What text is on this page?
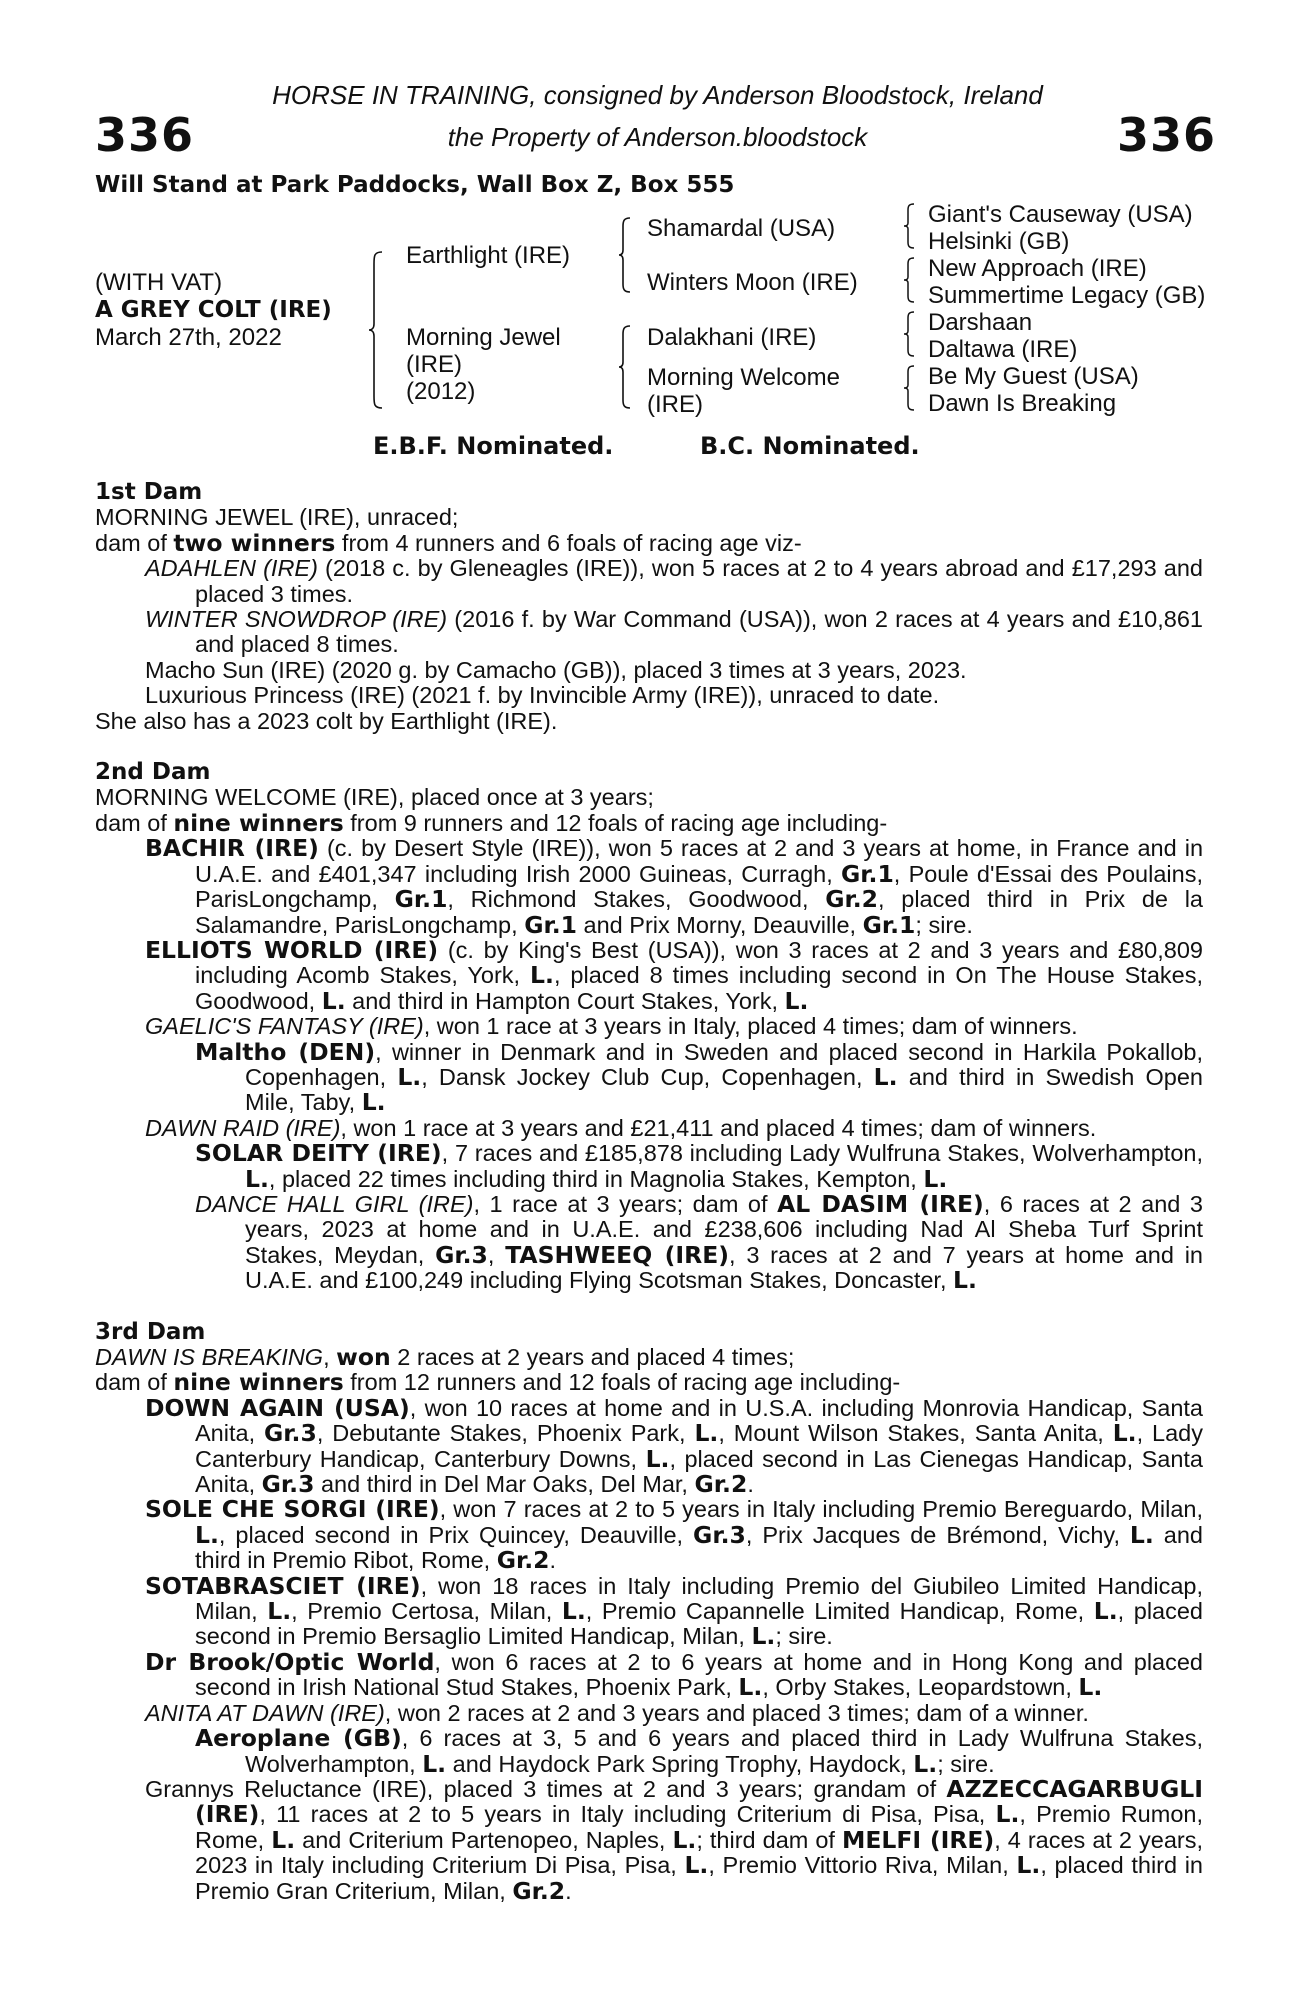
336	336
HORSE IN TRAINING, consigned by Anderson Bloodstock, Ireland
the Property of Anderson.bloodstock
Will Stand at Park Paddocks, Wall Box Z, Box 555
(WITH VAT)
A GREY COLT (IRE)
March 27th, 2022
Earthlight (IRE)
Morning Jewel
(IRE)
(2012)
Shamardal (USA)
Winters Moon (IRE)
Dalakhani (IRE)
Morning Welcome
(IRE)
Giant's Causeway (USA)
Helsinki (GB)
New Approach (IRE)
Summertime Legacy (GB)
Darshaan
Daltawa (IRE)
Be My Guest (USA)
Dawn Is Breaking
E.B.F. Nominated.	B.C. Nominated.

1st Dam

MORNING JEWEL (IRE), unraced;

dam of two winners from 4 runners and 6 foals of racing age viz-

ADAHLEN (IRE) (2018 c. by Gleneagles (IRE)), won 5 races at 2 to 4 years abroad and £17,293 and placed 3 times.

WINTER SNOWDROP (IRE) (2016 f. by War Command (USA)), won 2 races at 4 years and £10,861 and placed 8 times.

Macho Sun (IRE) (2020 g. by Camacho (GB)), placed 3 times at 3 years, 2023.

Luxurious Princess (IRE) (2021 f. by Invincible Army (IRE)), unraced to date.

She also has a 2023 colt by Earthlight (IRE).

2nd Dam

MORNING WELCOME (IRE), placed once at 3 years;

dam of nine winners from 9 runners and 12 foals of racing age including-

BACHIR (IRE) (c. by Desert Style (IRE)), won 5 races at 2 and 3 years at home, in France and in U.A.E. and £401,347 including Irish 2000 Guineas, Curragh, Gr.1, Poule d'Essai des Poulains, ParisLongchamp, Gr.1, Richmond Stakes, Goodwood, Gr.2, placed third in Prix de la Salamandre, ParisLongchamp, Gr.1 and Prix Morny, Deauville, Gr.1; sire.

ELLIOTS WORLD (IRE) (c. by King's Best (USA)), won 3 races at 2 and 3 years and £80,809 including Acomb Stakes, York, L., placed 8 times including second in On The House Stakes, Goodwood, L. and third in Hampton Court Stakes, York, L.

GAELIC'S FANTASY (IRE), won 1 race at 3 years in Italy, placed 4 times; dam of winners.

Maltho (DEN), winner in Denmark and in Sweden and placed second in Harkila Pokallob, Copenhagen, L., Dansk Jockey Club Cup, Copenhagen, L. and third in Swedish Open Mile, Taby, L.

DAWN RAID (IRE), won 1 race at 3 years and £21,411 and placed 4 times; dam of winners.

SOLAR DEITY (IRE), 7 races and £185,878 including Lady Wulfruna Stakes, Wolverhampton, L., placed 22 times including third in Magnolia Stakes, Kempton, L.

DANCE HALL GIRL (IRE), 1 race at 3 years; dam of AL DASIM (IRE), 6 races at 2 and 3 years, 2023 at home and in U.A.E. and £238,606 including Nad Al Sheba Turf Sprint Stakes, Meydan, Gr.3, TASHWEEQ (IRE), 3 races at 2 and 7 years at home and in U.A.E. and £100,249 including Flying Scotsman Stakes, Doncaster, L.

3rd Dam

DAWN IS BREAKING, won 2 races at 2 years and placed 4 times;

dam of nine winners from 12 runners and 12 foals of racing age including-

DOWN AGAIN (USA), won 10 races at home and in U.S.A. including Monrovia Handicap, Santa Anita, Gr.3, Debutante Stakes, Phoenix Park, L., Mount Wilson Stakes, Santa Anita, L., Lady Canterbury Handicap, Canterbury Downs, L., placed second in Las Cienegas Handicap, Santa Anita, Gr.3 and third in Del Mar Oaks, Del Mar, Gr.2.

SOLE CHE SORGI (IRE), won 7 races at 2 to 5 years in Italy including Premio Bereguardo, Milan, L., placed second in Prix Quincey, Deauville, Gr.3, Prix Jacques de Brémond, Vichy, L. and third in Premio Ribot, Rome, Gr.2.

SOTABRASCIET (IRE), won 18 races in Italy including Premio del Giubileo Limited Handicap, Milan, L., Premio Certosa, Milan, L., Premio Capannelle Limited Handicap, Rome, L., placed second in Premio Bersaglio Limited Handicap, Milan, L.; sire.

Dr Brook/Optic World, won 6 races at 2 to 6 years at home and in Hong Kong and placed second in Irish National Stud Stakes, Phoenix Park, L., Orby Stakes, Leopardstown, L.

ANITA AT DAWN (IRE), won 2 races at 2 and 3 years and placed 3 times; dam of a winner.

Aeroplane (GB), 6 races at 3, 5 and 6 years and placed third in Lady Wulfruna Stakes, Wolverhampton, L. and Haydock Park Spring Trophy, Haydock, L.; sire.

Grannys Reluctance (IRE), placed 3 times at 2 and 3 years; grandam of AZZECCAGARBUGLI (IRE), 11 races at 2 to 5 years in Italy including Criterium di Pisa, Pisa, L., Premio Rumon, Rome, L. and Criterium Partenopeo, Naples, L.; third dam of MELFI (IRE), 4 races at 2 years, 2023 in Italy including Criterium Di Pisa, Pisa, L., Premio Vittorio Riva, Milan, L., placed third in Premio Gran Criterium, Milan, Gr.2.
